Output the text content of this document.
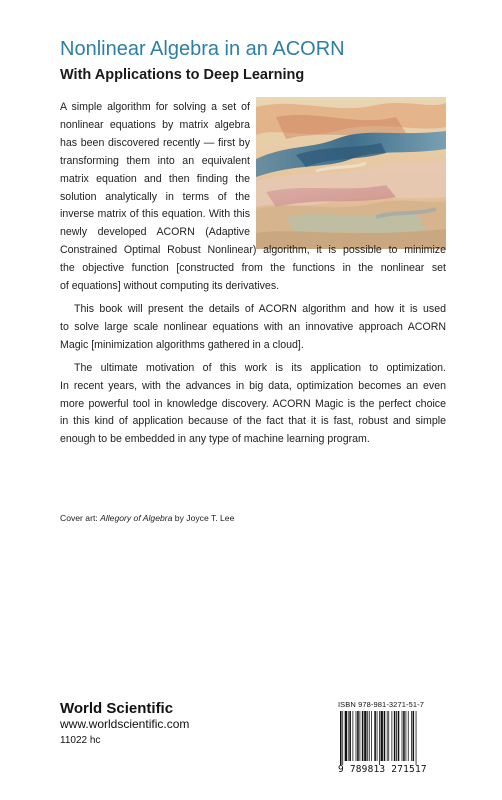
Nonlinear Algebra in an ACORN
With Applications to Deep Learning
A simple algorithm for solving a set of
nonlinear equations by matrix algebra
has been discovered recently — first by
transforming them into an equivalent
matrix equation and then finding the
solution analytically in terms of the
inverse matrix of this equation. With this
newly developed ACORN (Adaptive
Constrained Optimal Robust Nonlinear) algorithm, it is possible to minimize
the objective function [constructed from the functions in the nonlinear set
of equations] without computing its derivatives.
This book will present the details of ACORN algorithm and how it is used
to solve large scale nonlinear equations with an innovative approach ACORN
Magic [minimization algorithms gathered in a cloud].
The ultimate motivation of this work is its application to optimization.
In recent years, with the advances in big data, optimization becomes an even
more powerful tool in knowledge discovery. ACORN Magic is the perfect choice
in this kind of application because of the fact that it is fast, robust and simple
enough to be embedded in any type of machine learning program.
Cover art: Allegory of Algebra by Joyce T. Lee
World Scientific
www.worldscientific.com
11022 hc
ISBN 978-981-3271-51-7
9 789813 271517
